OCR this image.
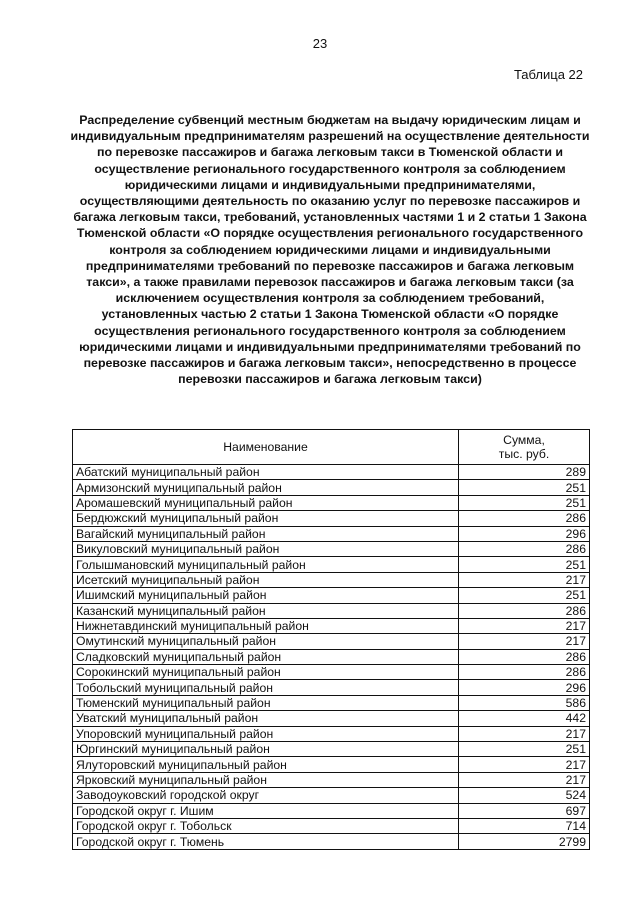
23
Таблица 22

Распределение субвенций местным бюджетам на выдачу юридическим лицам и индивидуальным предпринимателям разрешений на осуществление деятельности по перевозке пассажиров и багажа легковым такси в Тюменской области и осуществление регионального государственного контроля за соблюдением юридическими лицами и индивидуальными предпринимателями, осуществляющими деятельность по оказанию услуг по перевозке пассажиров и багажа легковым такси, требований, установленных частями 1 и 2 статьи 1 Закона Тюменской области «О порядке осуществления регионального государственного контроля за соблюдением юридическими лицами и индивидуальными предпринимателями требований по перевозке пассажиров и багажа легковым такси», а также правилами перевозок пассажиров и багажа легковым такси (за исключением осуществления контроля за соблюдением требований, установленных частью 2 статьи 1 Закона Тюменской области «О порядке осуществления регионального государственного контроля за соблюдением юридическими лицами и индивидуальными предпринимателями требований по перевозке пассажиров и багажа легковым такси», непосредственно в процессе перевозки пассажиров и багажа легковым такси)

Наименование	Сумма,
тыс. руб.
Абатский муниципальный район	289
Армизонский муниципальный район	251
Аромашевский муниципальный район	251
Бердюжский муниципальный район	286
Вагайский муниципальный район	296
Викуловский муниципальный район	286
Голышмановский муниципальный район	251
Исетский муниципальный район	217
Ишимский муниципальный район	251
Казанский муниципальный район	286
Нижнетавдинский муниципальный район	217
Омутинский муниципальный район	217
Сладковский муниципальный район	286
Сорокинский муниципальный район	286
Тобольский муниципальный район	296
Тюменский муниципальный район	586
Уватский муниципальный район	442
Упоровский муниципальный район	217
Юргинский муниципальный район	251
Ялуторовский муниципальный район	217
Ярковский муниципальный район	217
Заводоуковский городской округ	524
Городской округ г. Ишим	697
Городской округ г. Тобольск	714
Городской округ г. Тюмень	2799
